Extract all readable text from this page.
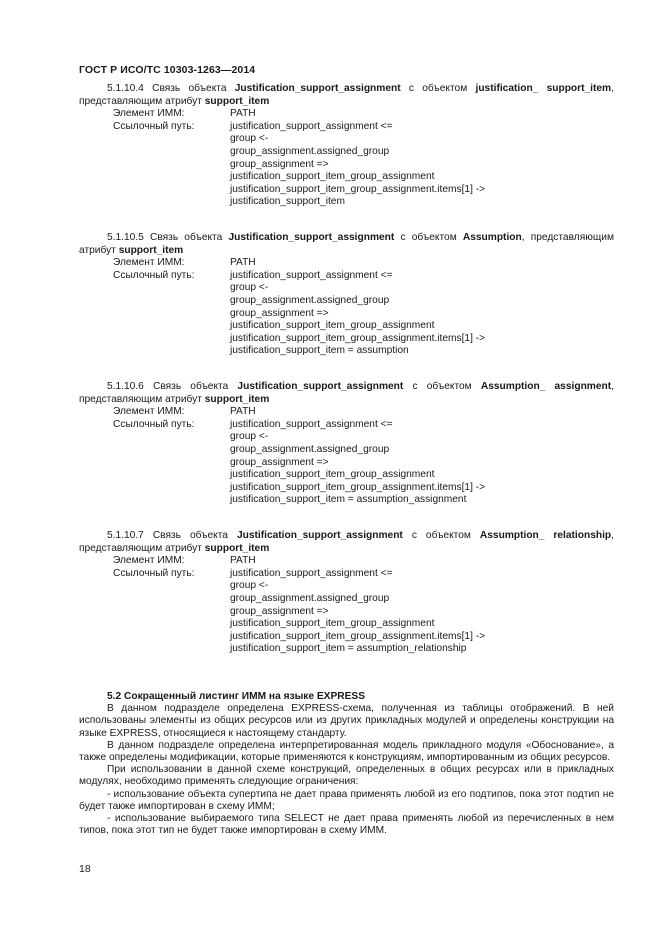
ГОСТ Р ИСО/ТС 10303-1263—2014
5.1.10.4 Связь объекта Justification_support_assignment с объектом justification_ support_item, представляющим атрибут support_item
Элемент ИММ:	PATH
Ссылочный путь:	justification_support_assignment <=
group <-
group_assignment.assigned_group
group_assignment =>
justification_support_item_group_assignment
justification_support_item_group_assignment.items[1] ->
justification_support_item
5.1.10.5 Связь объекта Justification_support_assignment с объектом Assumption, представляющим атрибут support_item
Элемент ИММ:	PATH
Ссылочный путь:	justification_support_assignment <=
group <-
group_assignment.assigned_group
group_assignment =>
justification_support_item_group_assignment
justification_support_item_group_assignment.items[1] ->
justification_support_item = assumption
5.1.10.6 Связь объекта Justification_support_assignment с объектом Assumption_ assignment, представляющим атрибут support_item
Элемент ИММ:	PATH
Ссылочный путь:	justification_support_assignment <=
group <-
group_assignment.assigned_group
group_assignment =>
justification_support_item_group_assignment
justification_support_item_group_assignment.items[1] ->
justification_support_item = assumption_assignment
5.1.10.7 Связь объекта Justification_support_assignment с объектом Assumption_ relationship, представляющим атрибут support_item
Элемент ИММ:	PATH
Ссылочный путь:	justification_support_assignment <=
group <-
group_assignment.assigned_group
group_assignment =>
justification_support_item_group_assignment
justification_support_item_group_assignment.items[1] ->
justification_support_item = assumption_relationship
5.2 Сокращенный листинг ИММ на языке EXPRESS

В данном подразделе определена EXPRESS-схема, полученная из таблицы отображений. В ней использованы элементы из общих ресурсов или из других прикладных модулей и определены конструкции на языке EXPRESS, относящиеся к настоящему стандарту.

В данном подразделе определена интерпретированная модель прикладного модуля «Обоснование», а также определены модификации, которые применяются к конструкциям, импортированным из общих ресурсов.

При использовании в данной схеме конструкций, определенных в общих ресурсах или в прикладных модулях, необходимо применять следующие ограничения:

- использование объекта супертипа не дает права применять любой из его подтипов, пока этот подтип не будет также импортирован в схему ИММ;

- использование выбираемого типа SELECT не дает права применять любой из перечисленных в нем типов, пока этот тип не будет также импортирован в схему ИММ.

18
